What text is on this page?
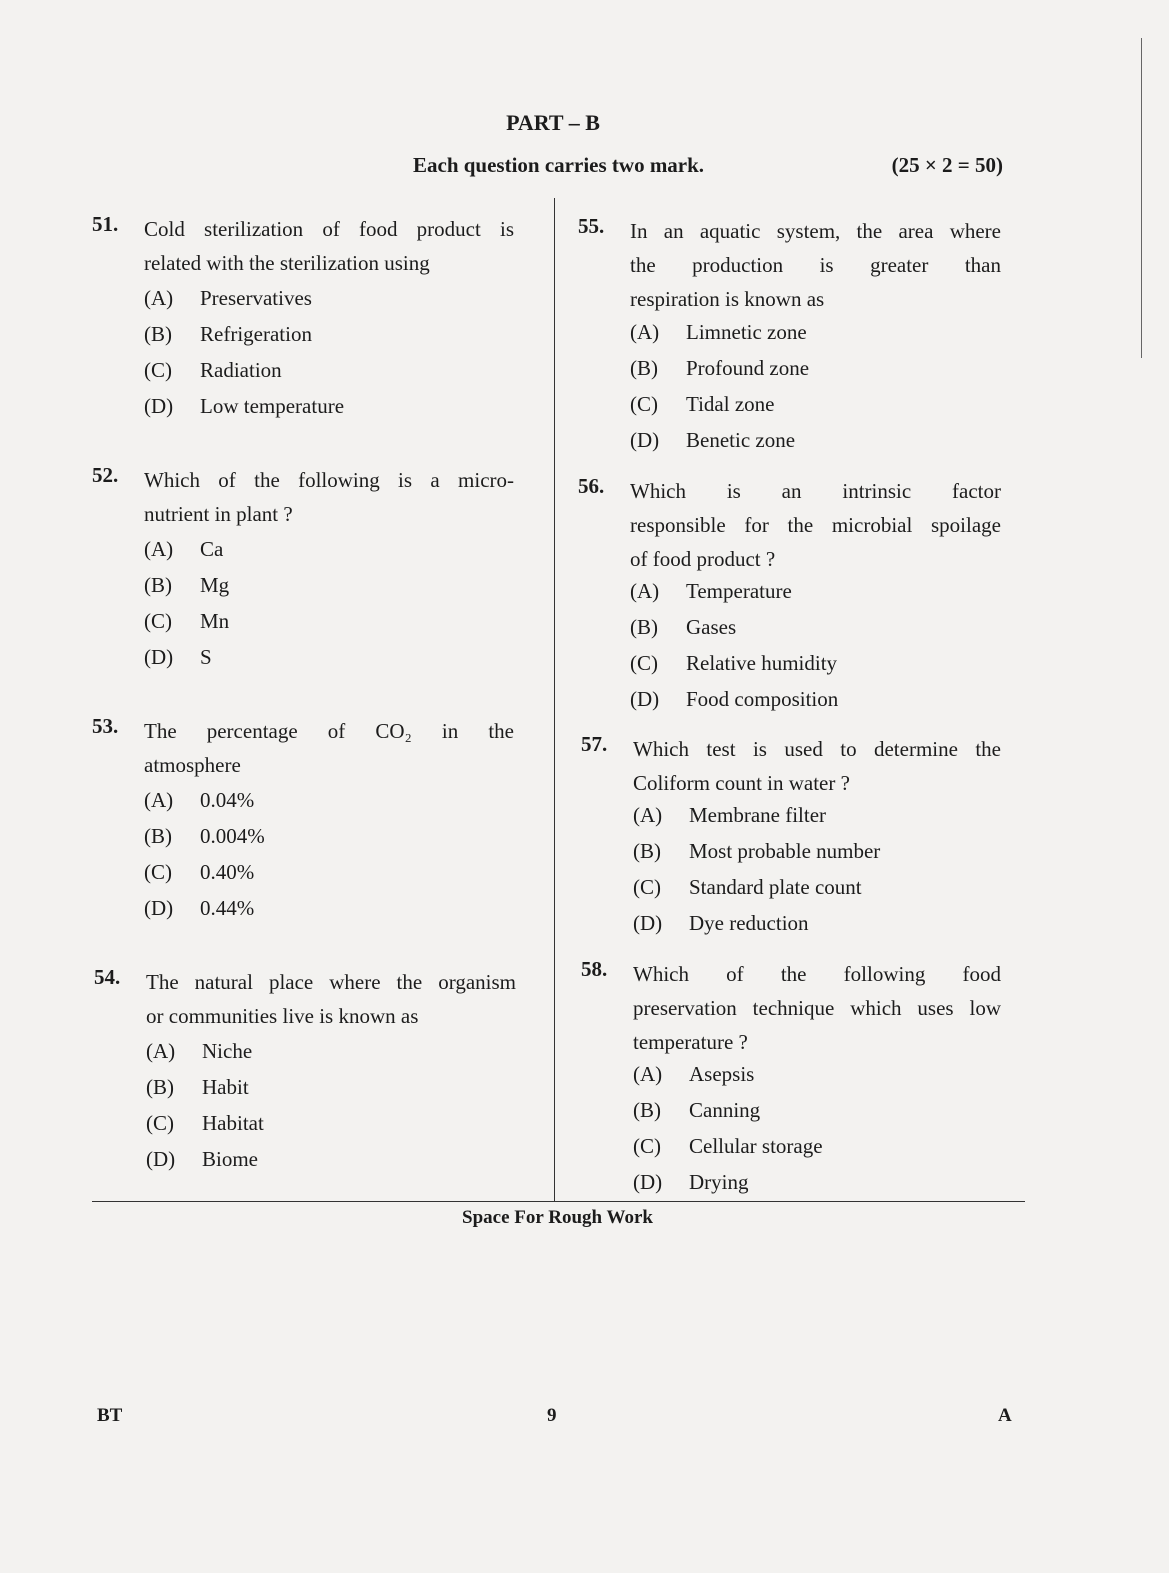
PART – B
Each question carries two mark.	(25 × 2 = 50)
51. Cold sterilization of food product is
related with the sterilization using
(A) Preservatives
(B) Refrigeration
(C) Radiation
(D) Low temperature
52. Which of the following is a micro-
nutrient in plant ?
(A) Ca
(B) Mg
(C) Mn
(D) S
53. The percentage of CO₂ in the
atmosphere
(A) 0.04%
(B) 0.004%
(C) 0.40%
(D) 0.44%
54. The natural place where the organism
or communities live is known as
(A) Niche
(B) Habit
(C) Habitat
(D) Biome
55. In an aquatic system, the area where
the production is greater than
respiration is known as
(A) Limnetic zone
(B) Profound zone
(C) Tidal zone
(D) Benetic zone
56. Which is an intrinsic factor
responsible for the microbial spoilage
of food product ?
(A) Temperature
(B) Gases
(C) Relative humidity
(D) Food composition
57. Which test is used to determine the
Coliform count in water ?
(A) Membrane filter
(B) Most probable number
(C) Standard plate count
(D) Dye reduction
58. Which of the following food
preservation technique which uses low
temperature ?
(A) Asepsis
(B) Canning
(C) Cellular storage
(D) Drying
Space For Rough Work
BT	9	A
